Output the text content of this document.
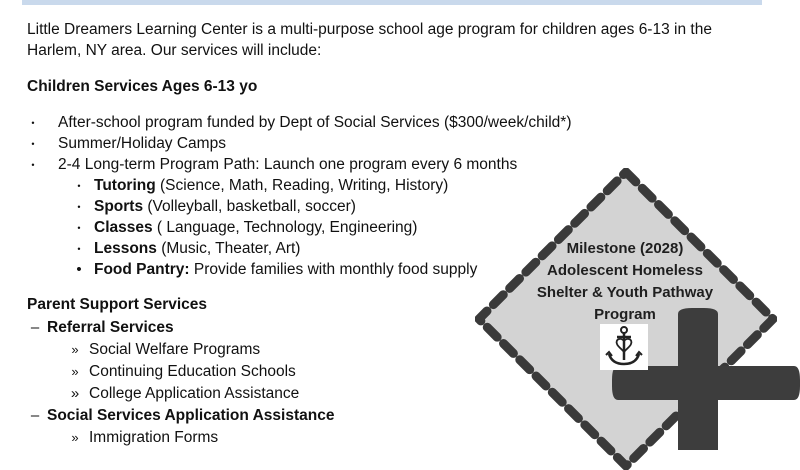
Little Dreamers Learning Center is a multi-purpose school age program for children ages 6-13 in the Harlem, NY area. Our services will include:
Children Services Ages 6-13 yo
• After-school program funded by Dept of Social Services ($300/week/child*)
• Summer/Holiday Camps
• 2-4 Long-term Program Path: Launch one program every 6 months
• Tutoring (Science, Math, Reading, Writing, History)
• Sports (Volleyball, basketball, soccer)
• Classes ( Language, Technology, Engineering)
• Lessons (Music, Theater, Art)
• Food Pantry: Provide families with monthly food supply
Parent Support Services
– Referral Services
» Social Welfare Programs
» Continuing Education Schools
» College Application Assistance
– Social Services Application Assistance
» Immigration Forms
Milestone (2028)
Adolescent Homeless
Shelter & Youth Pathway
Program
